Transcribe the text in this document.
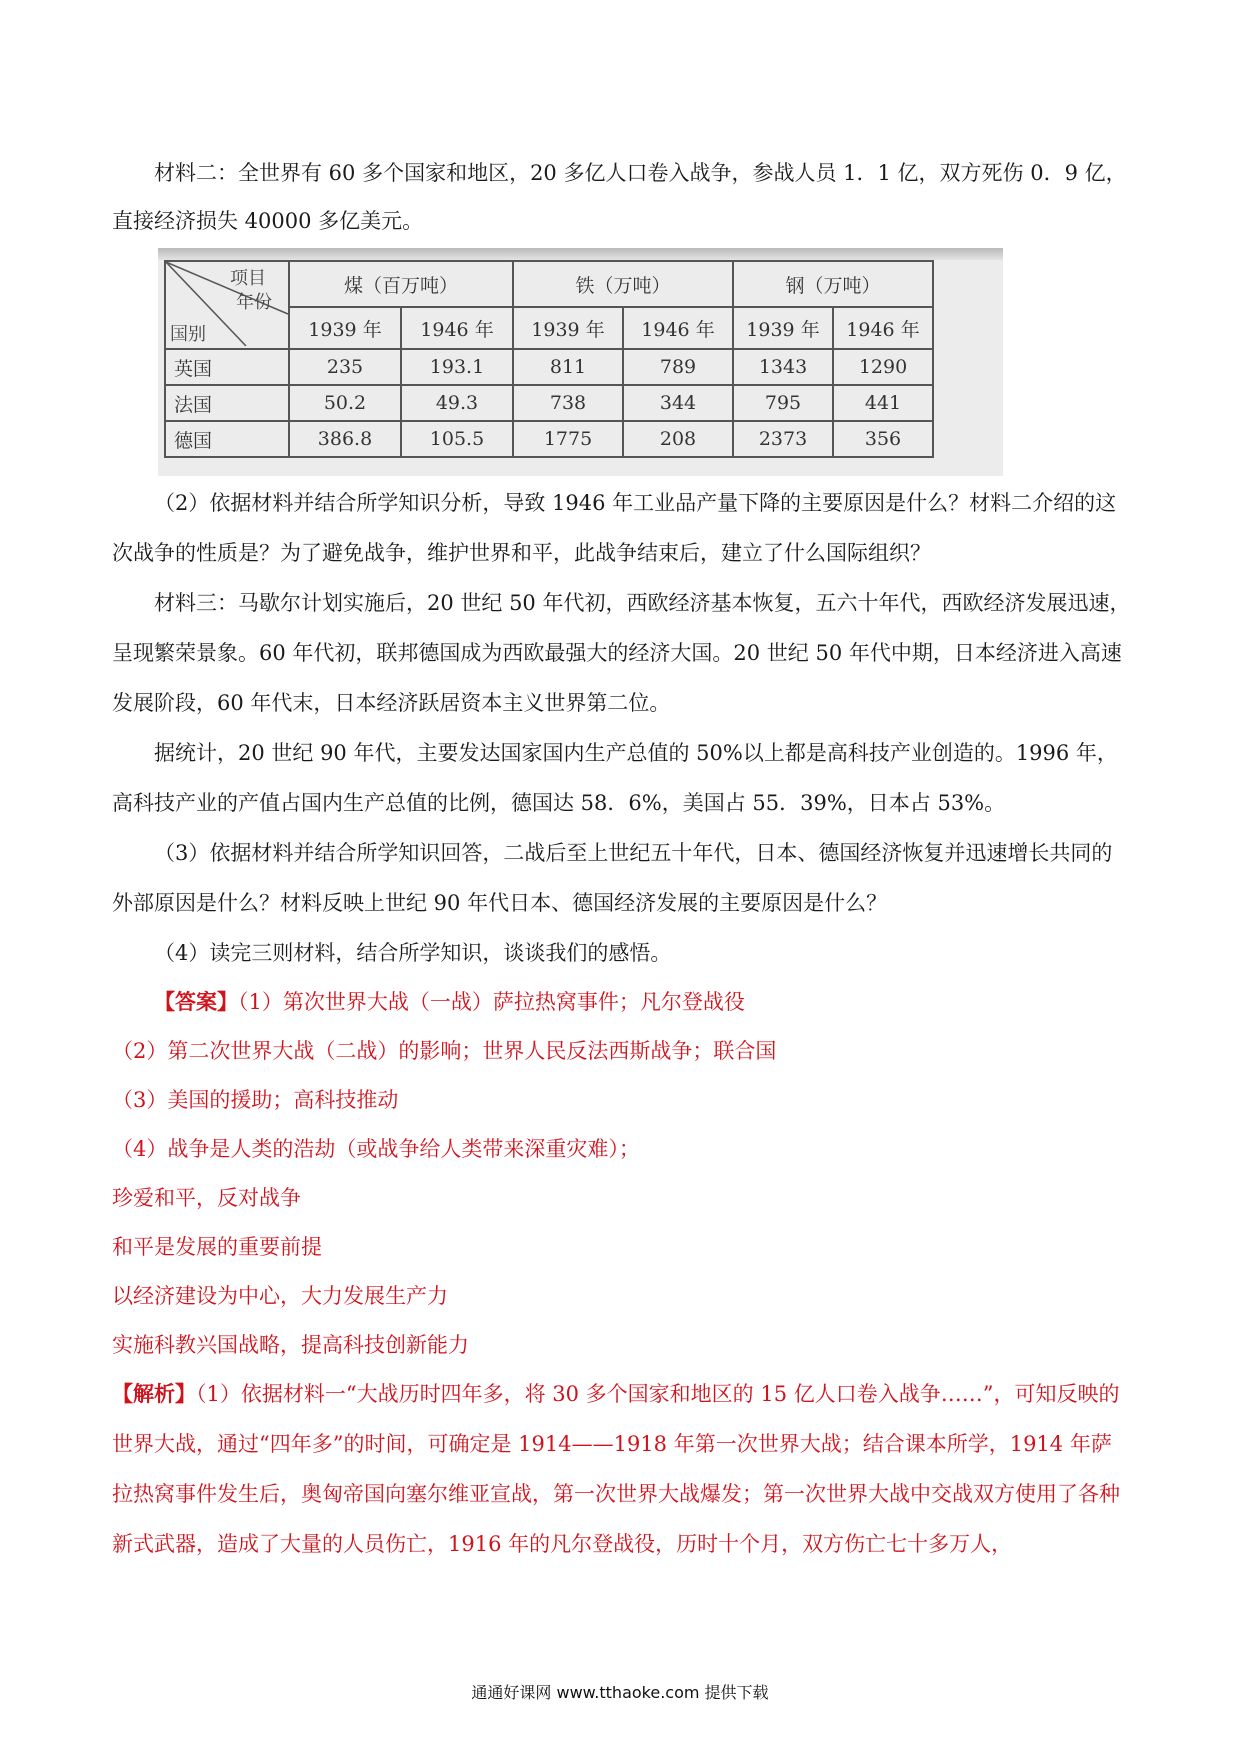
材料二：全世界有 60 多个国家和地区，20 多亿人口卷入战争，参战人员 1．1 亿，双方死伤 0．9 亿，

直接经济损失 40000 多亿美元。

项目
年份
国别	煤（百万吨）		铁（万吨）		钢（万吨）	
	1939 年	1946 年	1939 年	1946 年	1939 年	1946 年
英国	235	193.1	811	789	1343	1290
法国	50.2	49.3	738	344	795	441
德国	386.8	105.5	1775	208	2373	356

（2）依据材料并结合所学知识分析，导致 1946 年工业品产量下降的主要原因是什么？材料二介绍的这次战争的性质是？为了避免战争，维护世界和平，此战争结束后，建立了什么国际组织？

材料三：马歇尔计划实施后，20 世纪 50 年代初，西欧经济基本恢复，五六十年代，西欧经济发展迅速，呈现繁荣景象。60 年代初，联邦德国成为西欧最强大的经济大国。20 世纪 50 年代中期，日本经济进入高速发展阶段，60 年代末，日本经济跃居资本主义世界第二位。

据统计，20 世纪 90 年代，主要发达国家国内生产总值的 50%以上都是高科技产业创造的。1996 年，高科技产业的产值占国内生产总值的比例，德国达 58．6%，美国占 55．39%，日本占 53%。

（3）依据材料并结合所学知识回答，二战后至上世纪五十年代，日本、德国经济恢复并迅速增长共同的外部原因是什么？材料反映上世纪 90 年代日本、德国经济发展的主要原因是什么？

（4）读完三则材料，结合所学知识，谈谈我们的感悟。

【答案】（1）第次世界大战（一战）萨拉热窝事件；凡尔登战役

（2）第二次世界大战（二战）的影响；世界人民反法西斯战争；联合国

（3）美国的援助；高科技推动

（4）战争是人类的浩劫（或战争给人类带来深重灾难）；

珍爱和平，反对战争

和平是发展的重要前提

以经济建设为中心，大力发展生产力

实施科教兴国战略，提高科技创新能力

【解析】（1）依据材料一“大战历时四年多，将 30 多个国家和地区的 15 亿人口卷入战争……”，可知反映的世界大战，通过“四年多”的时间，可确定是 1914——1918 年第一次世界大战；结合课本所学，1914 年萨拉热窝事件发生后，奥匈帝国向塞尔维亚宣战，第一次世界大战爆发；第一次世界大战中交战双方使用了各种新式武器，造成了大量的人员伤亡，1916 年的凡尔登战役，历时十个月，双方伤亡七十多万人，

通通好课网 www.tthaoke.com 提供下载
